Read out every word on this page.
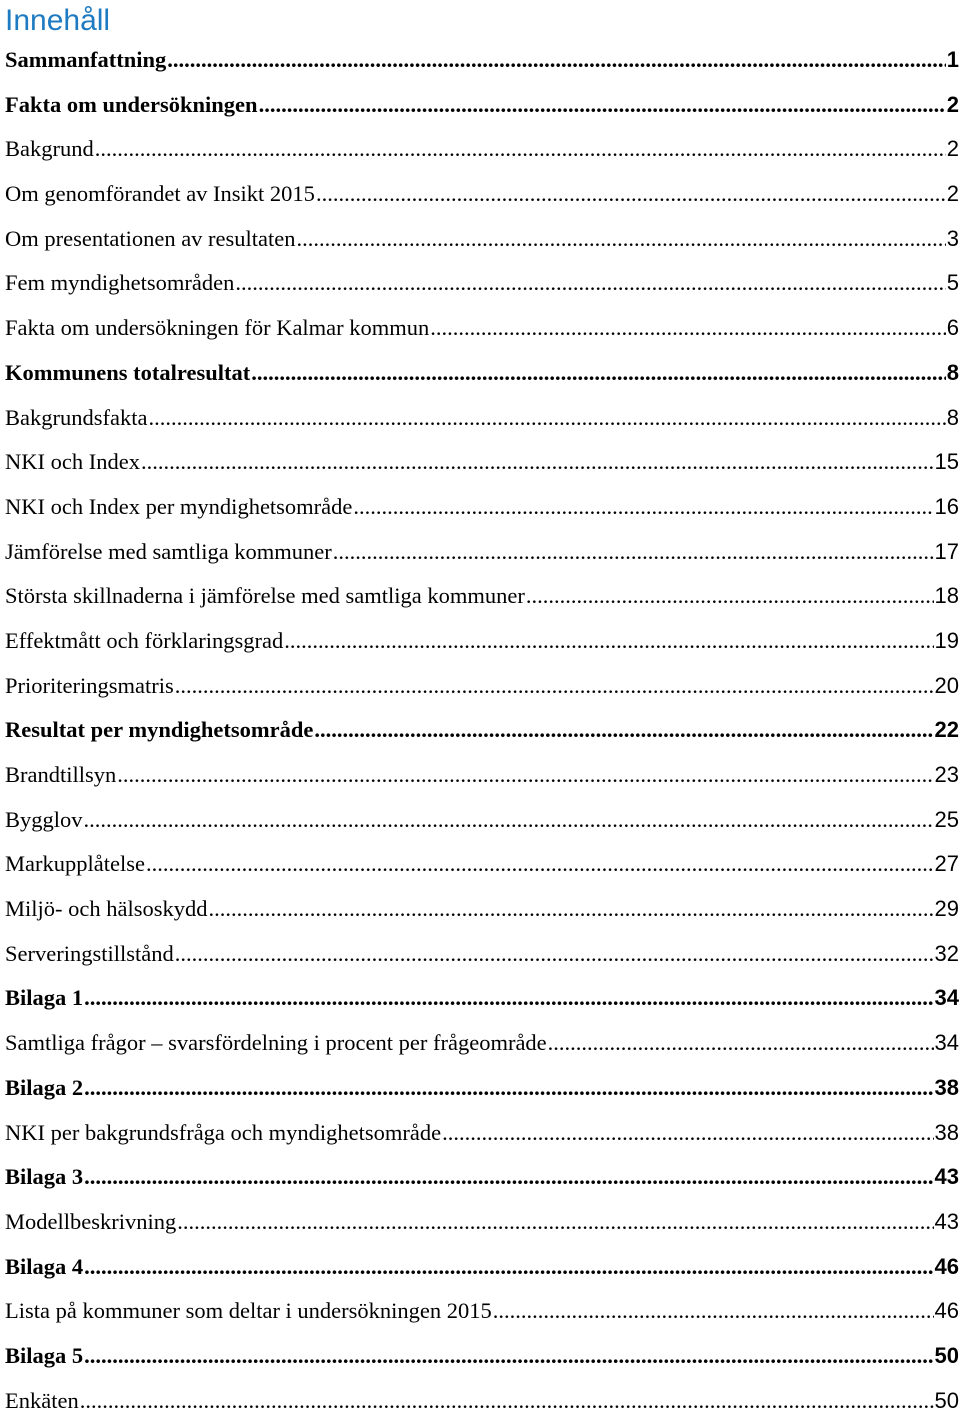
Innehåll
Sammanfattning .....	1
Fakta om undersökningen .....	2
Bakgrund .....	2
Om genomförandet av Insikt 2015 .....	2
Om presentationen av resultaten .....	3
Fem myndighetsområden .....	5
Fakta om undersökningen för Kalmar kommun .....	6
Kommunens totalresultat .....	8
Bakgrundsfakta .....	8
NKI och Index .....	15
NKI och Index per myndighetsområde .....	16
Jämförelse med samtliga kommuner .....	17
Största skillnaderna i jämförelse med samtliga kommuner .....	18
Effektmått och förklaringsgrad .....	19
Prioriteringsmatris .....	20
Resultat per myndighetsområde .....	22
Brandtillsyn .....	23
Bygglov .....	25
Markupplåtelse .....	27
Miljö- och hälsoskydd .....	29
Serveringstillstånd .....	32
Bilaga 1 .....	34
Samtliga frågor – svarsfördelning i procent per frågeområde .....	34
Bilaga 2 .....	38
NKI per bakgrundsfråga och myndighetsområde .....	38
Bilaga 3 .....	43
Modellbeskrivning .....	43
Bilaga 4 .....	46
Lista på kommuner som deltar i undersökningen 2015 .....	46
Bilaga 5 .....	50
Enkäten .....	50
